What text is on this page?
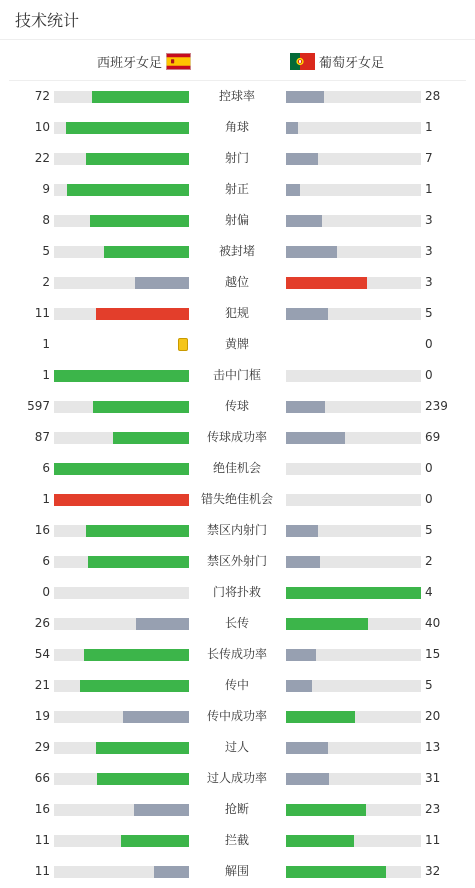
技术统计
西班牙女足	葡萄牙女足
72	控球率	28
10	角球	1
22	射门	7
9	射正	1
8	射偏	3
5	被封堵	3
2	越位	3
11	犯规	5
1	黄牌	0
1	击中门框	0
597	传球	239
87	传球成功率	69
6	绝佳机会	0
1	错失绝佳机会	0
16	禁区内射门	5
6	禁区外射门	2
0	门将扑救	4
26	长传	40
54	长传成功率	15
21	传中	5
19	传中成功率	20
29	过人	13
66	过人成功率	31
16	抢断	23
11	拦截	11
11	解围	32
